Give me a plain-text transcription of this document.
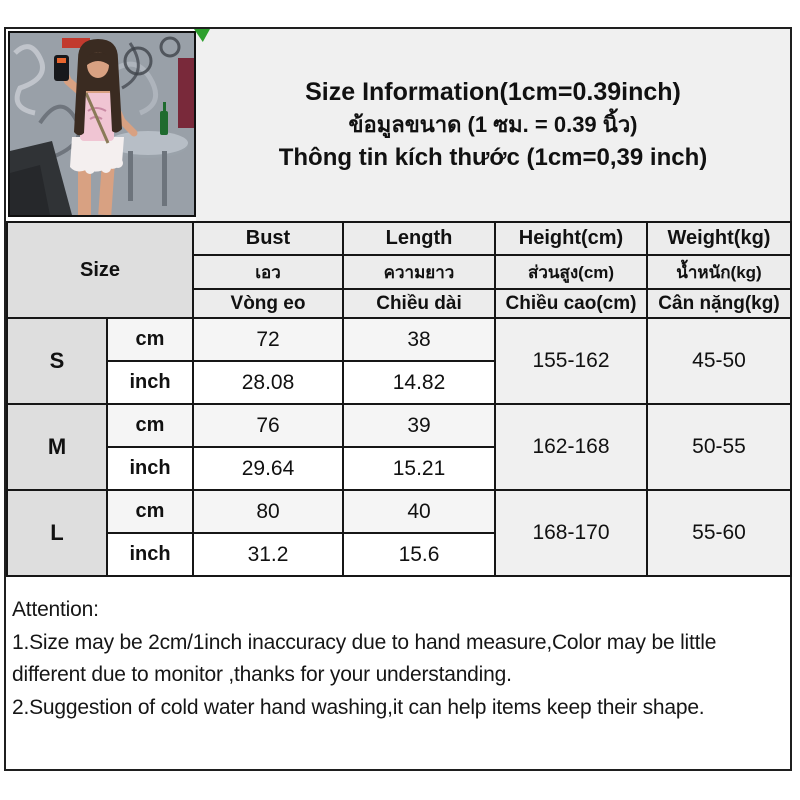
Size Information(1cm=0.39inch)
ข้อมูลขนาด (1 ซม. = 0.39 นิ้ว)
Thông tin kích thước (1cm=0,39 inch)
Size		Bust	Length	Height(cm)	Weight(kg)
		เอว	ความยาว	ส่วนสูง(cm)	น้ำหนัก(kg)
		Vòng eo	Chiều dài	Chiều cao(cm)	Cân nặng(kg)
S	cm	72	38	155-162	45-50
	inch	28.08	14.82		
M	cm	76	39	162-168	50-55
	inch	29.64	15.21		
L	cm	80	40	168-170	55-60
	inch	31.2	15.6		

Attention:

1.Size may be 2cm/1inch inaccuracy due to hand measure,Color may be little different due to monitor ,thanks for your understanding.

2.Suggestion of cold water hand washing,it can help items keep their shape.
